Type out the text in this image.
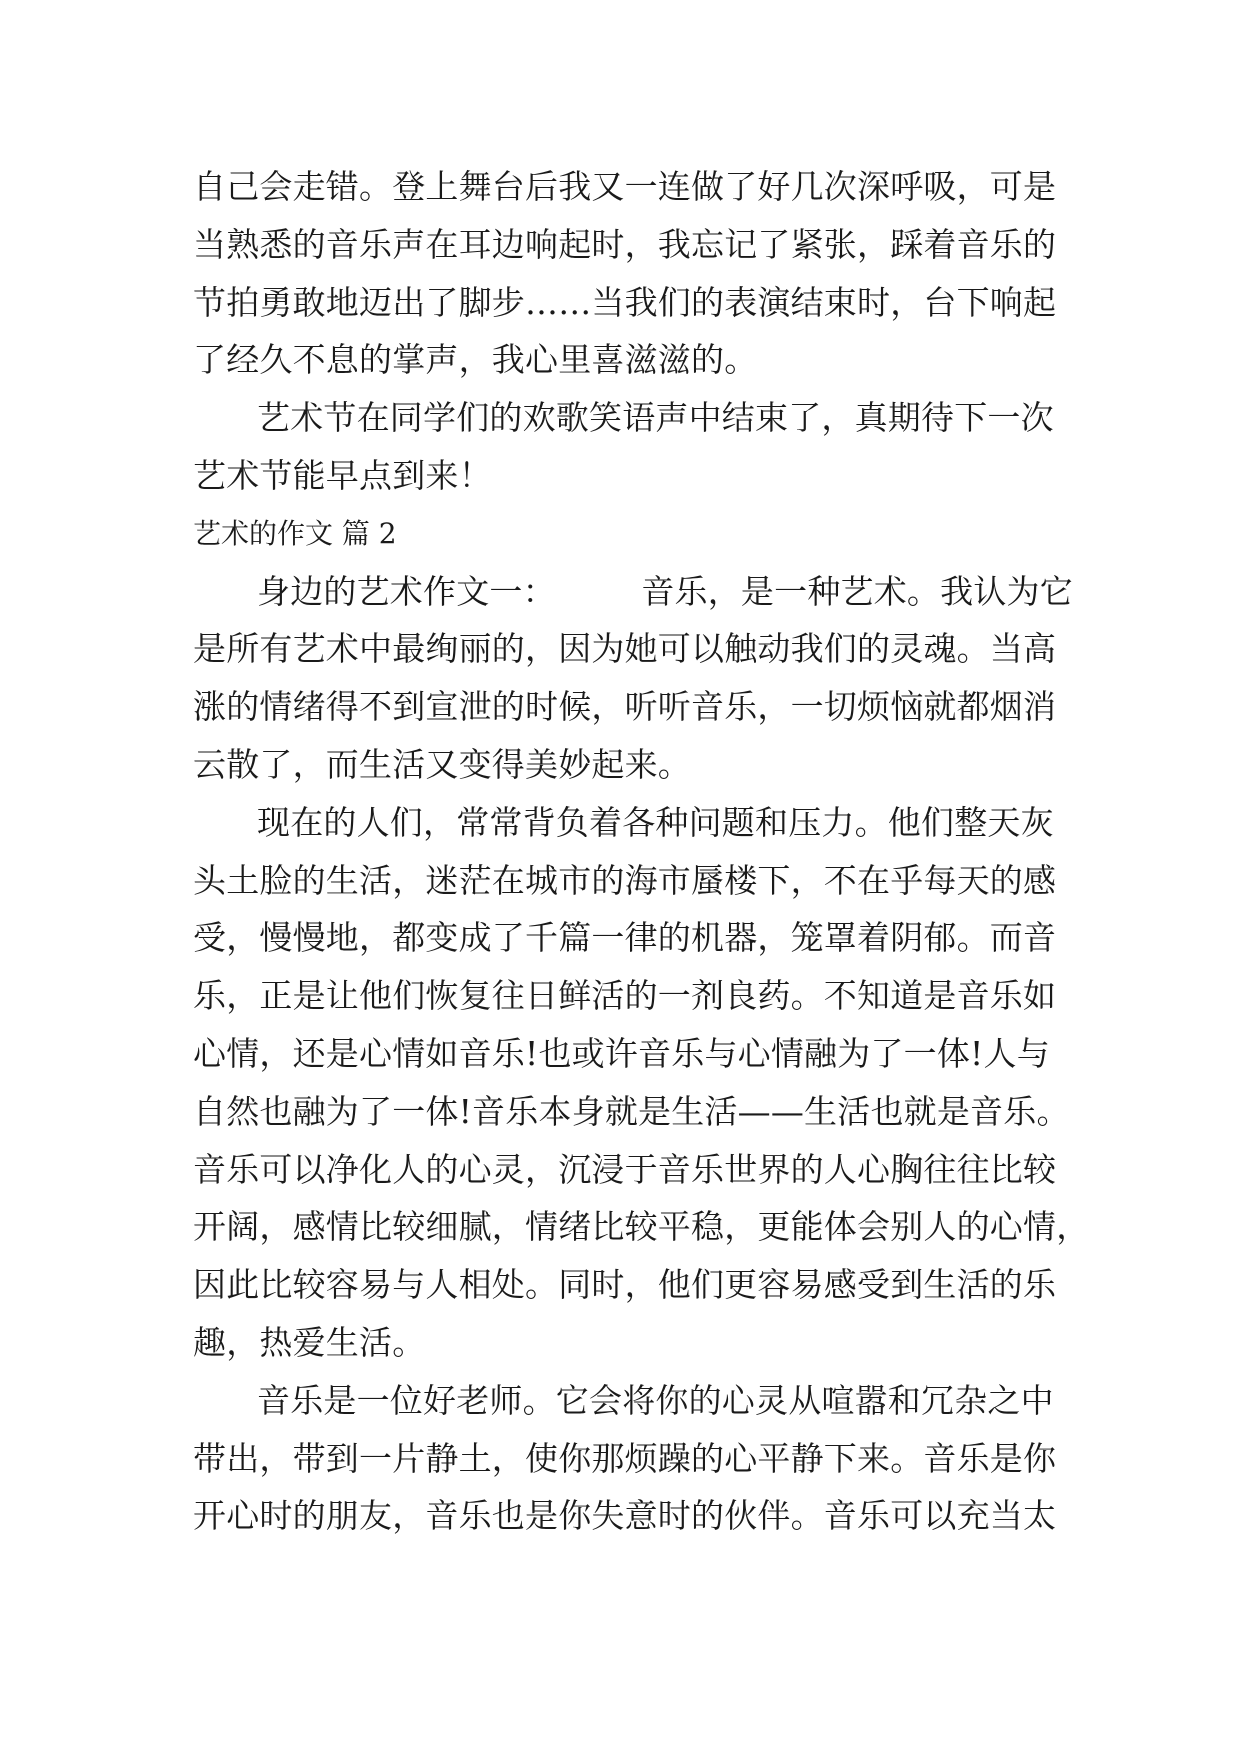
自己会走错。登上舞台后我又一连做了好几次深呼吸，可是

当熟悉的音乐声在耳边响起时，我忘记了紧张，踩着音乐的

节拍勇敢地迈出了脚步……当我们的表演结束时，台下响起

了经久不息的掌声，我心里喜滋滋的。

艺术节在同学们的欢歌笑语声中结束了，真期待下一次

艺术节能早点到来！

艺术的作文 篇 2

身边的艺术作文一：        音乐，是一种艺术。我认为它

是所有艺术中最绚丽的，因为她可以触动我们的灵魂。当高

涨的情绪得不到宣泄的时候，听听音乐，一切烦恼就都烟消

云散了，而生活又变得美妙起来。

现在的人们，常常背负着各种问题和压力。他们整天灰

头土脸的生活，迷茫在城市的海市蜃楼下，不在乎每天的感

受，慢慢地，都变成了千篇一律的机器，笼罩着阴郁。而音

乐，正是让他们恢复往日鲜活的一剂良药。不知道是音乐如

心情，还是心情如音乐!也或许音乐与心情融为了一体!人与

自然也融为了一体!音乐本身就是生活——生活也就是音乐。

音乐可以净化人的心灵，沉浸于音乐世界的人心胸往往比较

开阔，感情比较细腻，情绪比较平稳，更能体会别人的心情，

因此比较容易与人相处。同时，他们更容易感受到生活的乐

趣，热爱生活。

音乐是一位好老师。它会将你的心灵从喧嚣和冗杂之中

带出，带到一片静土，使你那烦躁的心平静下来。音乐是你

开心时的朋友，音乐也是你失意时的伙伴。音乐可以充当太
